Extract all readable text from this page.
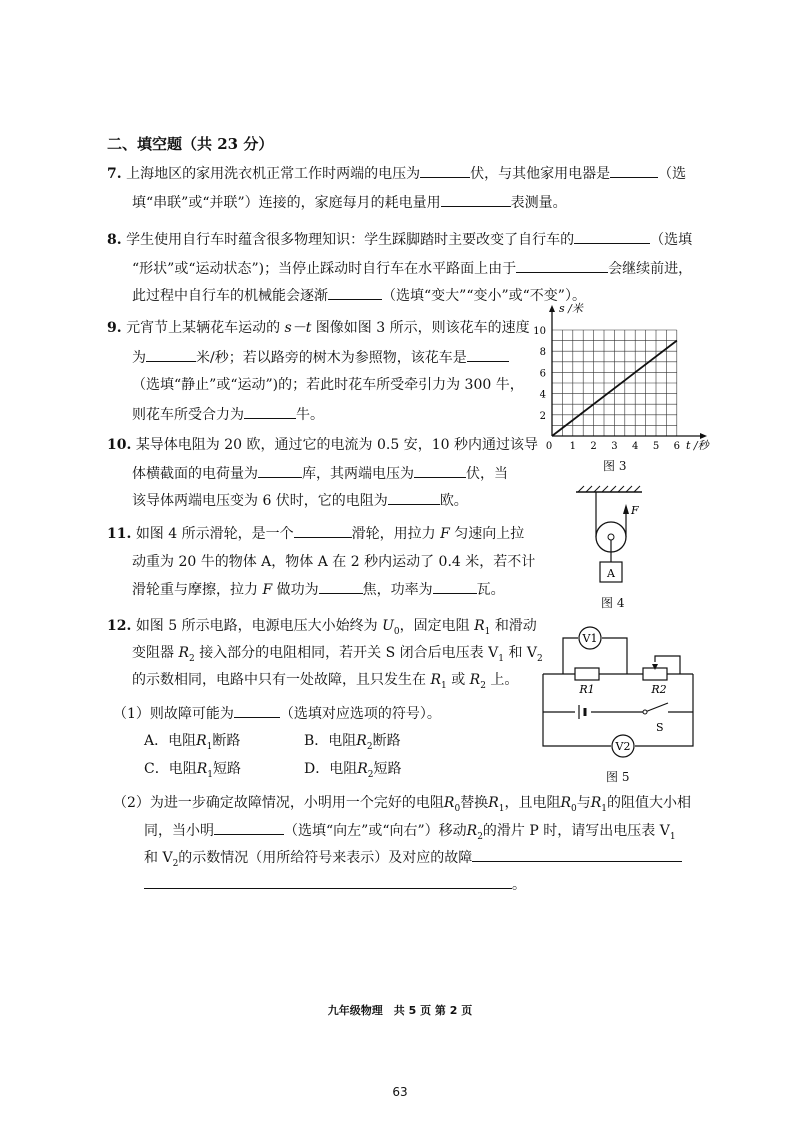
二、填空题（共 23 分）
7. 上海地区的家用洗衣机正常工作时两端的电压为	伏，与其他家用电器是	（选
填“串联”或“并联”）连接的，家庭每月的耗电量用	表测量。
8. 学生使用自行车时蕴含很多物理知识：学生踩脚踏时主要改变了自行车的	（选填
“形状”或“运动状态”)；当停止踩动时自行车在水平路面上由于	会继续前进，
此过程中自行车的机械能会逐渐	（选填“变大”“变小”或“不变”）。
9. 元宵节上某辆花车运动的 s－t 图像如图 3 所示，则该花车的速度
为	米/秒；若以路旁的树木为参照物，该花车是
（选填“静止”或“运动”)的；若此时花车所受牵引力为 300 牛，
则花车所受合力为	牛。
10. 某导体电阻为 20 欧，通过它的电流为 0.5 安，10 秒内通过该导
体横截面的电荷量为	库，其两端电压为	伏，当
该导体两端电压变为 6 伏时，它的电阻为	欧。
11. 如图 4 所示滑轮，是一个	滑轮，用拉力 F 匀速向上拉
动重为 20 牛的物体 A，物体 A 在 2 秒内运动了 0.4 米，若不计
滑轮重与摩擦，拉力 F 做功为	焦，功率为	瓦。
12. 如图 5 所示电路，电源电压大小始终为 $U_0$，固定电阻 $R_1$ 和滑动
变阻器 $R_2$ 接入部分的电阻相同，若开关 S 闭合后电压表 $V_1$ 和 $V_2$
的示数相同，电路中只有一处故障，且只发生在 $R_1$ 或 $R_2$ 上。
（1）则故障可能为	（选填对应选项的符号）。
A．电阻$R_1$断路	B．电阻$R_2$断路
C．电阻$R_1$短路	D．电阻$R_2$短路
（2）为进一步确定故障情况，小明用一个完好的电阻$R_0$替换$R_1$，且电阻$R_0$与$R_1$的阻值大小相
同，当小明	（选填“向左”或“向右”）移动$R_2$的滑片 P 时，请写出电压表 $V_1$
和 $V_2$的示数情况（用所给符号来表示）及对应的故障
。
1 2 3 4 5 6
2
4
6
8
10
s /米
t /秒
0
图 3
F
A
图 4
V1
R1	R2
S
V2
图 5
九年级物理　共 5 页 第 2 页
63
